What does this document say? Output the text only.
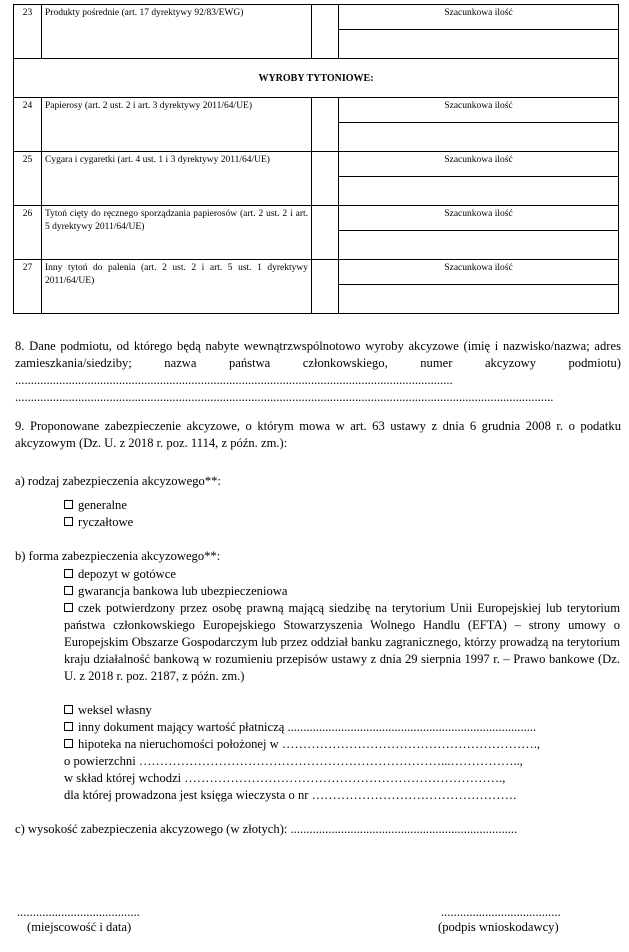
23	Produkty pośrednie (art. 17 dyrektywy 92/83/EWG)		Szacunkowa ilość

WYROBY TYTONIOWE:			
24	Papierosy (art. 2 ust. 2 i art. 3 dyrektywy 2011/64/UE)		Szacunkowa ilość

25	Cygara i cygaretki (art. 4 ust. 1 i 3 dyrektywy 2011/64/UE)		Szacunkowa ilość

26	Tytoń cięty do ręcznego sporządzania papierosów (art. 2 ust. 2 i art. 5 dyrektywy 2011/64/UE)		Szacunkowa ilość

27	Inny tytoń do palenia (art. 2 ust. 2 i art. 5 ust. 1 dyrektywy 2011/64/UE)		Szacunkowa ilość
8. Dane podmiotu, od którego będą nabyte wewnątrzwspólnotowo wyroby akcyzowe (imię i nazwisko/nazwa; adres zamieszkania/siedziby; nazwa państwa członkowskiego, numer akcyzowy podmiotu) ...........................................................................................................................................
...........................................................................................................................................................................
9. Proponowane zabezpieczenie akcyzowe, o którym mowa w art. 63 ustawy z dnia 6 grudnia 2008 r. o podatku akcyzowym (Dz. U. z 2018 r. poz. 1114, z późn. zm.):
a) rodzaj zabezpieczenia akcyzowego**:
generalne
ryczałtowe
b) forma zabezpieczenia akcyzowego**:
depozyt w gotówce
gwarancja bankowa lub ubezpieczeniowa
czek potwierdzony przez osobę prawną mającą siedzibę na terytorium Unii Europejskiej lub terytorium państwa członkowskiego Europejskiego Stowarzyszenia Wolnego Handlu (EFTA) – strony umowy o Europejskim Obszarze Gospodarczym lub przez oddział banku zagranicznego, którzy prowadzą na terytorium kraju działalność bankową w rozumieniu przepisów ustawy z dnia 29 sierpnia 1997 r. – Prawo bankowe (Dz. U. z 2018 r. poz. 2187, z późn. zm.)
weksel własny
inny dokument mający wartość płatniczą ...............................................................................
hipoteka na nieruchomości położonej w …………………………………………………….,
o powierzchni ………………………………………………………………...……………..,
w skład której wchodzi ………………………………………………………………….,
dla której prowadzona jest księga wieczysta o nr ………………………………………….
c) wysokość zabezpieczenia akcyzowego (w złotych): ........................................................................
.......................................
(miejscowość i data)
......................................
(podpis wnioskodawcy)
